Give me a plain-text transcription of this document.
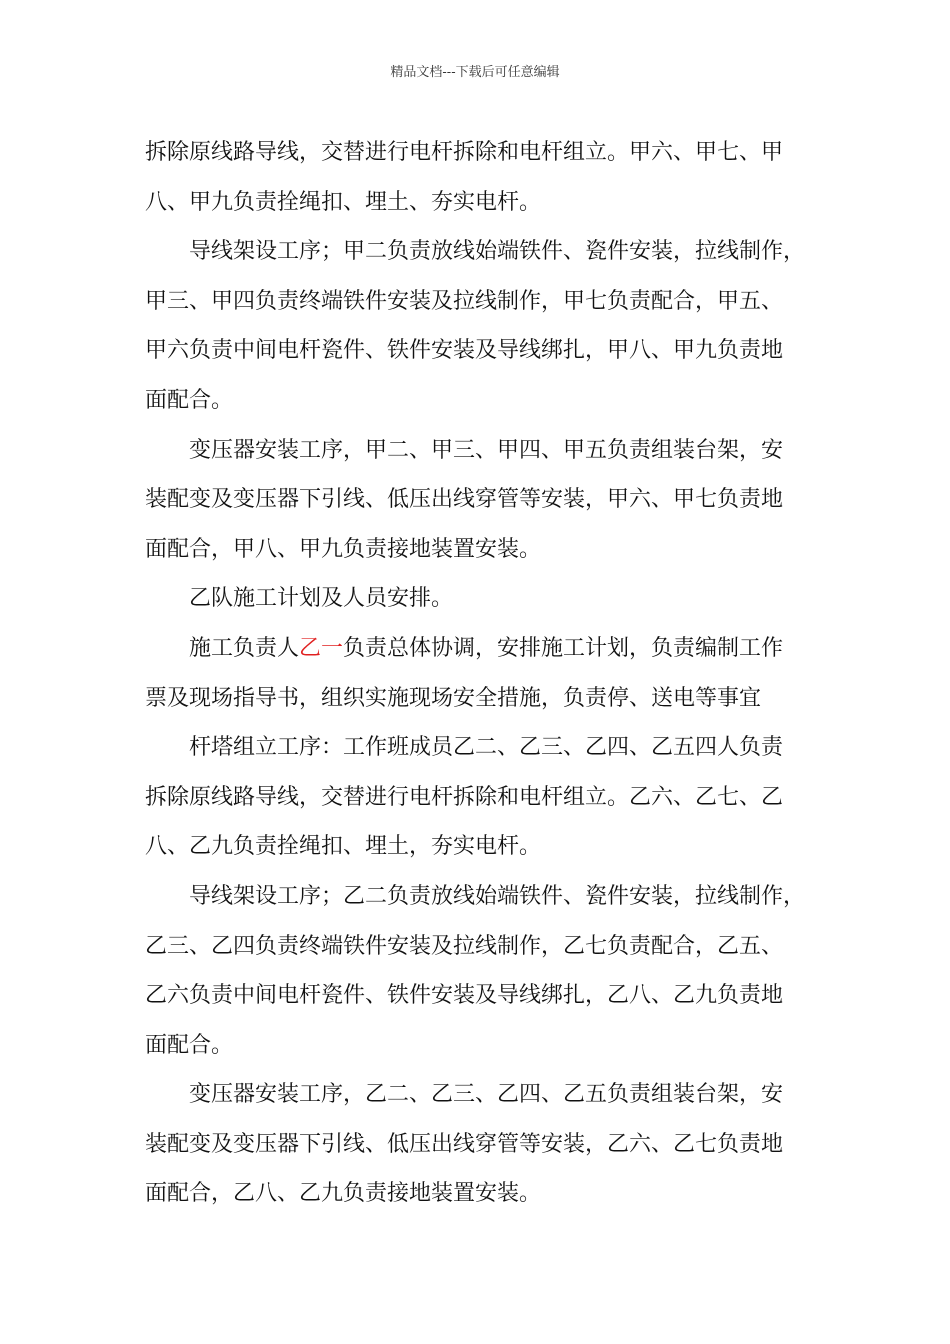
精品文档---下载后可任意编辑

拆除原线路导线，交替进行电杆拆除和电杆组立。甲六、甲七、甲
八、甲九负责拴绳扣、埋土、夯实电杆。

导线架设工序；甲二负责放线始端铁件、瓷件安装，拉线制作，
甲三、甲四负责终端铁件安装及拉线制作，甲七负责配合，甲五、
甲六负责中间电杆瓷件、铁件安装及导线绑扎，甲八、甲九负责地
面配合。

变压器安装工序，甲二、甲三、甲四、甲五负责组装台架，安
装配变及变压器下引线、低压出线穿管等安装，甲六、甲七负责地
面配合，甲八、甲九负责接地装置安装。

乙队施工计划及人员安排。

施工负责人乙一负责总体协调，安排施工计划，负责编制工作
票及现场指导书，组织实施现场安全措施，负责停、送电等事宜

杆塔组立工序：工作班成员乙二、乙三、乙四、乙五四人负责
拆除原线路导线，交替进行电杆拆除和电杆组立。乙六、乙七、乙
八、乙九负责拴绳扣、埋土，夯实电杆。

导线架设工序；乙二负责放线始端铁件、瓷件安装，拉线制作，
乙三、乙四负责终端铁件安装及拉线制作，乙七负责配合，乙五、
乙六负责中间电杆瓷件、铁件安装及导线绑扎，乙八、乙九负责地
面配合。

变压器安装工序，乙二、乙三、乙四、乙五负责组装台架，安
装配变及变压器下引线、低压出线穿管等安装，乙六、乙七负责地
面配合，乙八、乙九负责接地装置安装。
